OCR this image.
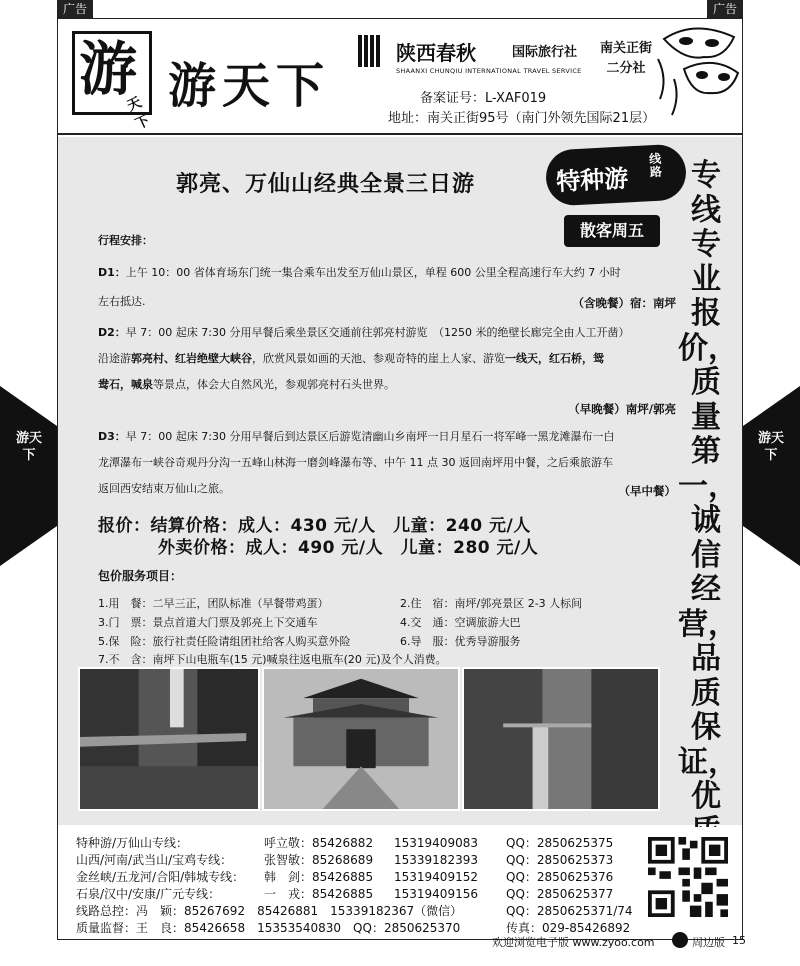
广告	广告
游天下
游天下
游
天下
游天下
陕西春秋	国际旅行社
SHAANXI CHUNQIU INTERNATIONAL TRAVEL SERVICE
南关正街
二分社
备案证号：L-XAF019
地址：南关正街95号（南门外领先国际21层）
郭亮、万仙山经典全景三日游	特种游
线路
散客周五
专线专业报价，质量第一，诚信经营，品质保证，优
行程安排：
D1：上午 10：00 省体育场东门统一集合乘车出发至万仙山景区，单程 600 公里全程高速行车大约 7 小时
左右抵达.	（含晚餐）宿：南坪
D2：早 7：00 起床 7:30 分用早餐后乘坐景区交通前往郭亮村游览　（1250 米的绝壁长廊完全由人工开凿）
沿途游郭亮村、红岩绝壁大峡谷，欣赏风景如画的天池、参观奇特的崖上人家、游览一线天，红石桥，鸳
鸯石，喊泉等景点，体会大自然风光，参观郭亮村石头世界。
（早晚餐）南坪/郭亮
D3：早 7：00 起床 7:30 分用早餐后到达景区后游览清幽山乡南坪一日月星石一将军峰一黑龙滩瀑布一白
龙潭瀑布一峡谷奇观丹分沟一五峰山林海一磨剑峰瀑布等、中午 11 点 30 返回南坪用中餐，之后乘旅游车
返回西安结束万仙山之旅。	（早中餐）
报价：结算价格：成人：430 元/人　儿童：240 元/人
外卖价格：成人：490 元/人　儿童：280 元/人
包价服务项目：
1.用　餐：二早三正，团队标准（早餐带鸡蛋）	2.住　宿：南坪/郭亮景区 2-3 人标间
3.门　票：景点首道大门票及郭亮上下交通车	4.交　通：空调旅游大巴
5.保　险：旅行社责任险请组团社给客人购买意外险	6.导　服：优秀导游服务
7.不　含：南坪下山电瓶车(15 元)喊泉往返电瓶车(20 元)及个人消费。
特种游/万仙山专线：	呼立敬：85426882 15319409083 QQ：2850625375
山西/河南/武当山/宝鸡专线：	张智敏：85268689 15339182393 QQ：2850625373
金丝峡/五龙河/合阳/韩城专线： 韩　剑：85426885 15319409152 QQ：2850625376
石泉/汉中/安康/广元专线：	一　戎：85426885 15319409156 QQ：2850625377
线路总控：冯　颖：85267692　85426881　15339182367（微信）	QQ：2850625371/74
质量监督：王　良：85426658　15353540830　QQ：2850625370	传真：029-85426892
欢迎浏览电子版 www.zyoo.com	周边版 15
